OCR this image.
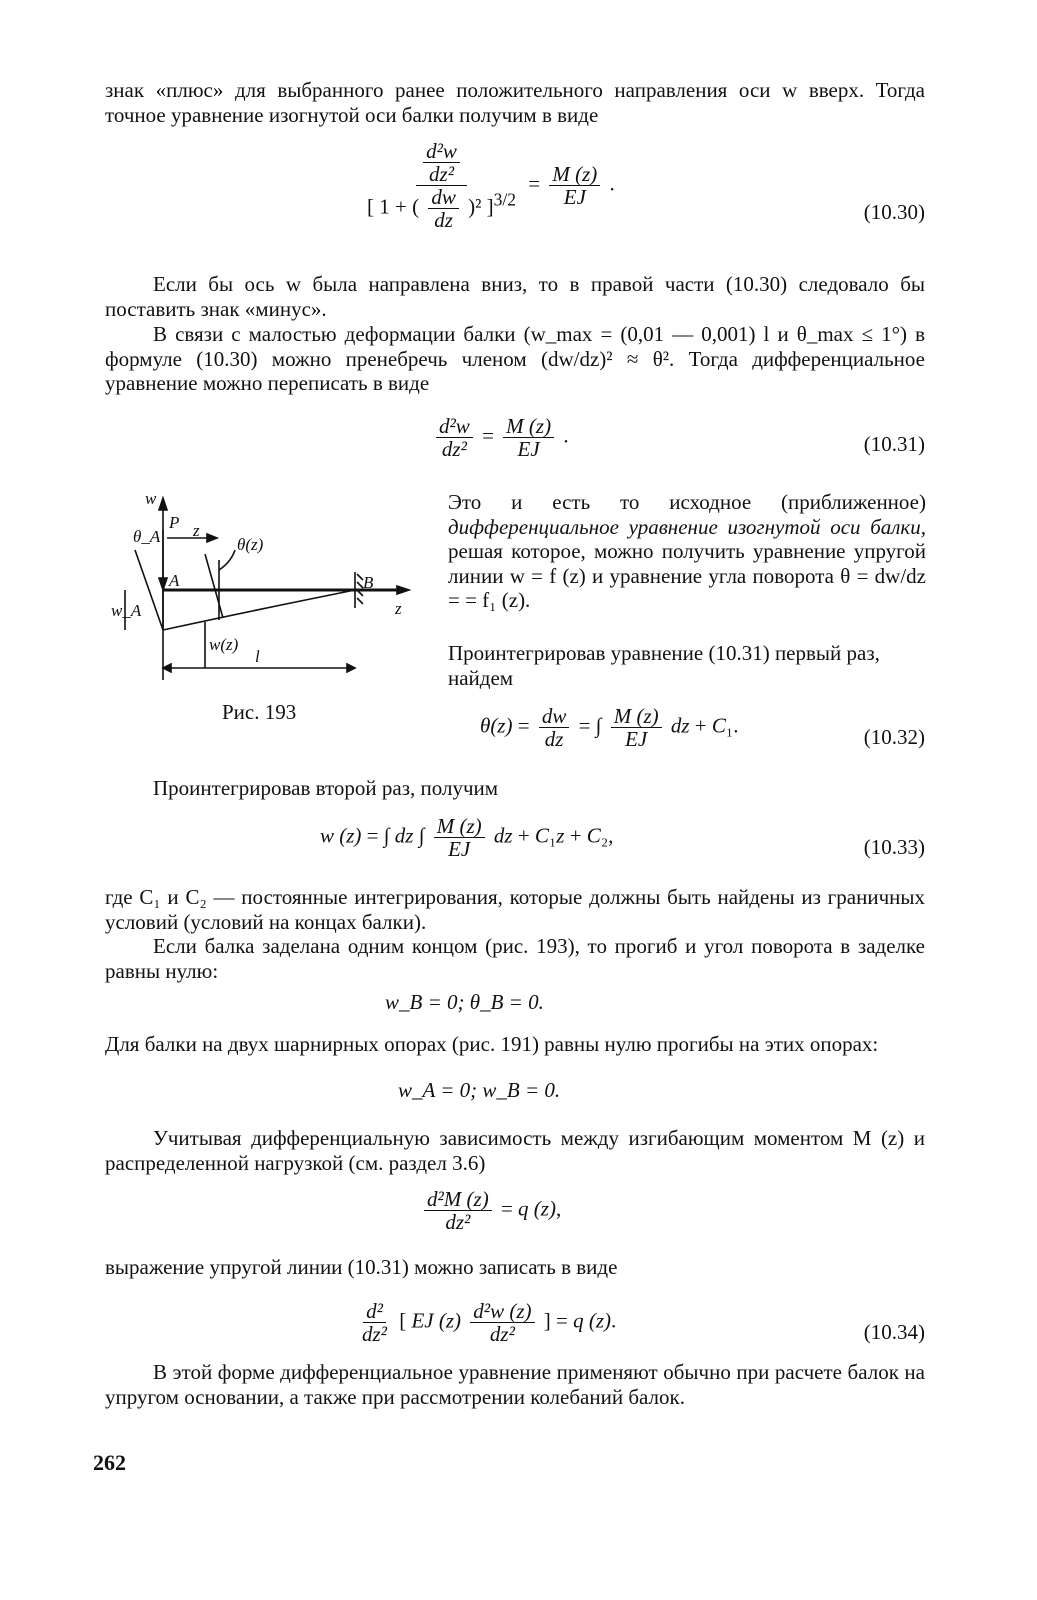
знак «плюс» для выбранного ранее положительного направления оси w вверх. Тогда точное уравнение изогнутой оси балки получим в виде
$\frac{\frac{\text{d²w}}{\text{dz²}}}{[ 1 + ( \frac{dw}{dz} )^2 ]^{3/2}} = \frac{M (z)}{EJ}$ .
(10.30)
Если бы ось w была направлена вниз, то в правой части (10.30) следовало бы поставить знак «минус».
В связи с малостью деформации балки (w_max = (0,01 — 0,001) l и θ_max ≤ 1°) в формуле (10.30) можно пренебречь членом (dw/dz)² ≈ θ². Тогда дифференциальное уравнение можно переписать в виде
$\frac{\text{d²w}}{\text{dz²}} = \frac{M (z)}{EJ}$ .	(10.31)
w
P z
θ(z)
θ_A
A	B
z
w_A
w(z)
l
Рис. 193
Это и есть то исходное (приближенное) дифференциальное уравнение изогнутой оси балки, решая которое, можно получить уравнение упругой линии w = f (z) и уравнение угла поворота θ = dw/dz = = f₁ (z).
Проинтегрировав уравнение (10.31) первый раз, найдем
$\theta(z) = \frac{dw}{dz}$ = ∫ $\frac{M (z)}{EJ}$ dz + C₁.	(10.32)
Проинтегрировав второй раз, получим
w (z) = ∫ dz ∫ $\frac{M (z)}{EJ}$ dz + C₁z + C₂,	(10.33)
где C₁ и C₂ — постоянные интегрирования, которые должны быть найдены из граничных условий (условий на концах балки).
Если балка заделана одним концом (рис. 193), то прогиб и угол поворота в заделке равны нулю:
w_B = 0; θ_B = 0.
Для балки на двух шарнирных опорах (рис. 191) равны нулю прогибы на этих опорах:
w_A = 0; w_B = 0.
Учитывая дифференциальную зависимость между изгибающим моментом M (z) и распределенной нагрузкой (см. раздел 3.6)
$\frac{\text{d²M (z)}}{\text{dz²}} = q$ (z),
выражение упругой линии (10.31) можно записать в виде
$\frac{\text{d²}}{\text{dz²}}$ [ EJ $(z) \frac{\text{d²w (z)}}{\text{dz²}}$ ] = q (z).	(10.34)
В этой форме дифференциальное уравнение применяют обычно при расчете балок на упругом основании, а также при рассмотрении колебаний балок.
262
